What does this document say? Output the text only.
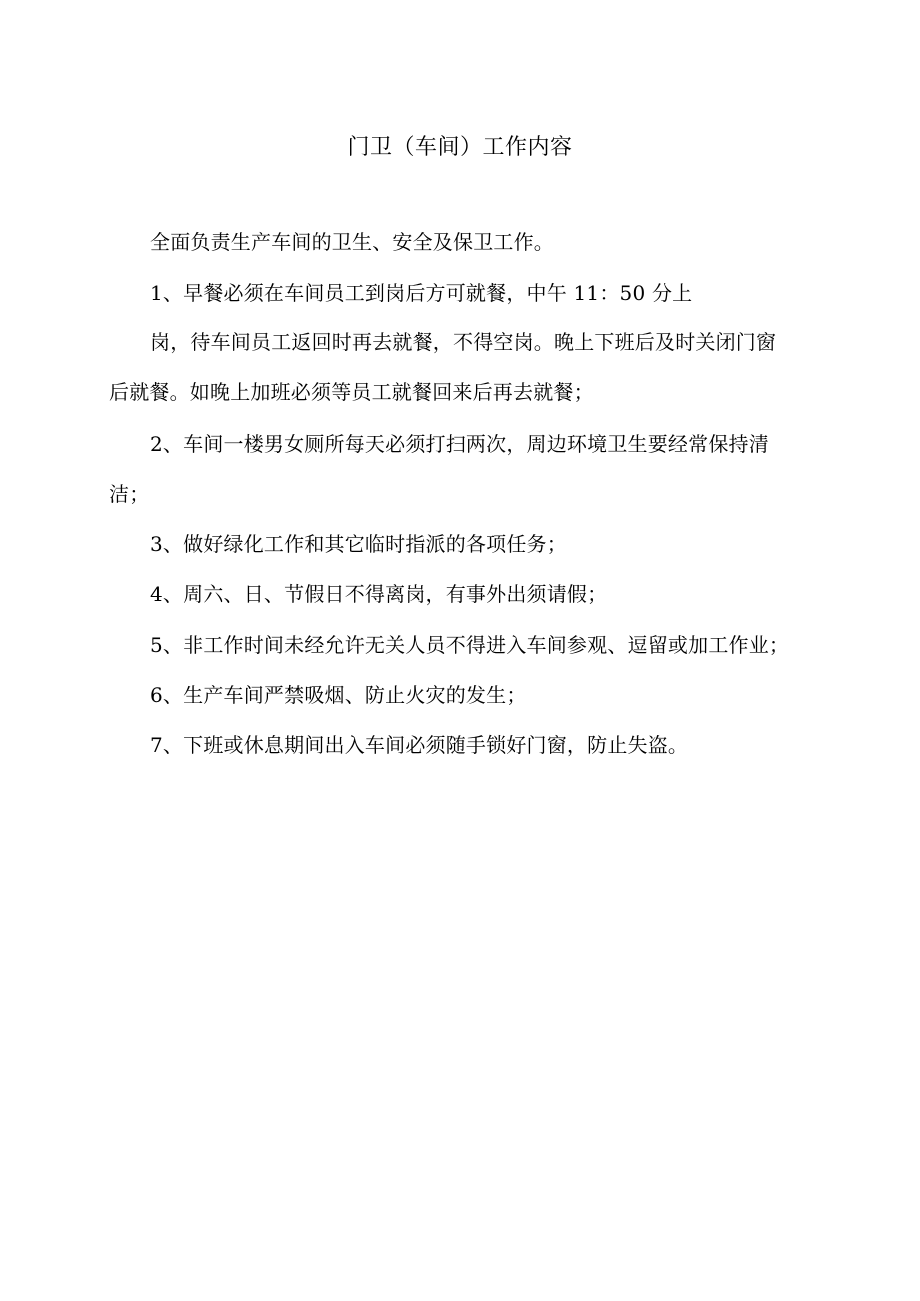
门卫（车间）工作内容
全面负责生产车间的卫生、安全及保卫工作。
1、早餐必须在车间员工到岗后方可就餐，中午 11：50 分上
岗，待车间员工返回时再去就餐，不得空岗。晚上下班后及时关闭门窗
后就餐。如晚上加班必须等员工就餐回来后再去就餐；
2、车间一楼男女厕所每天必须打扫两次，周边环境卫生要经常保持清
洁；
3、做好绿化工作和其它临时指派的各项任务；
4、周六、日、节假日不得离岗，有事外出须请假；
5、非工作时间未经允许无关人员不得进入车间参观、逗留或加工作业；
6、生产车间严禁吸烟、防止火灾的发生；
7、下班或休息期间出入车间必须随手锁好门窗，防止失盗。
